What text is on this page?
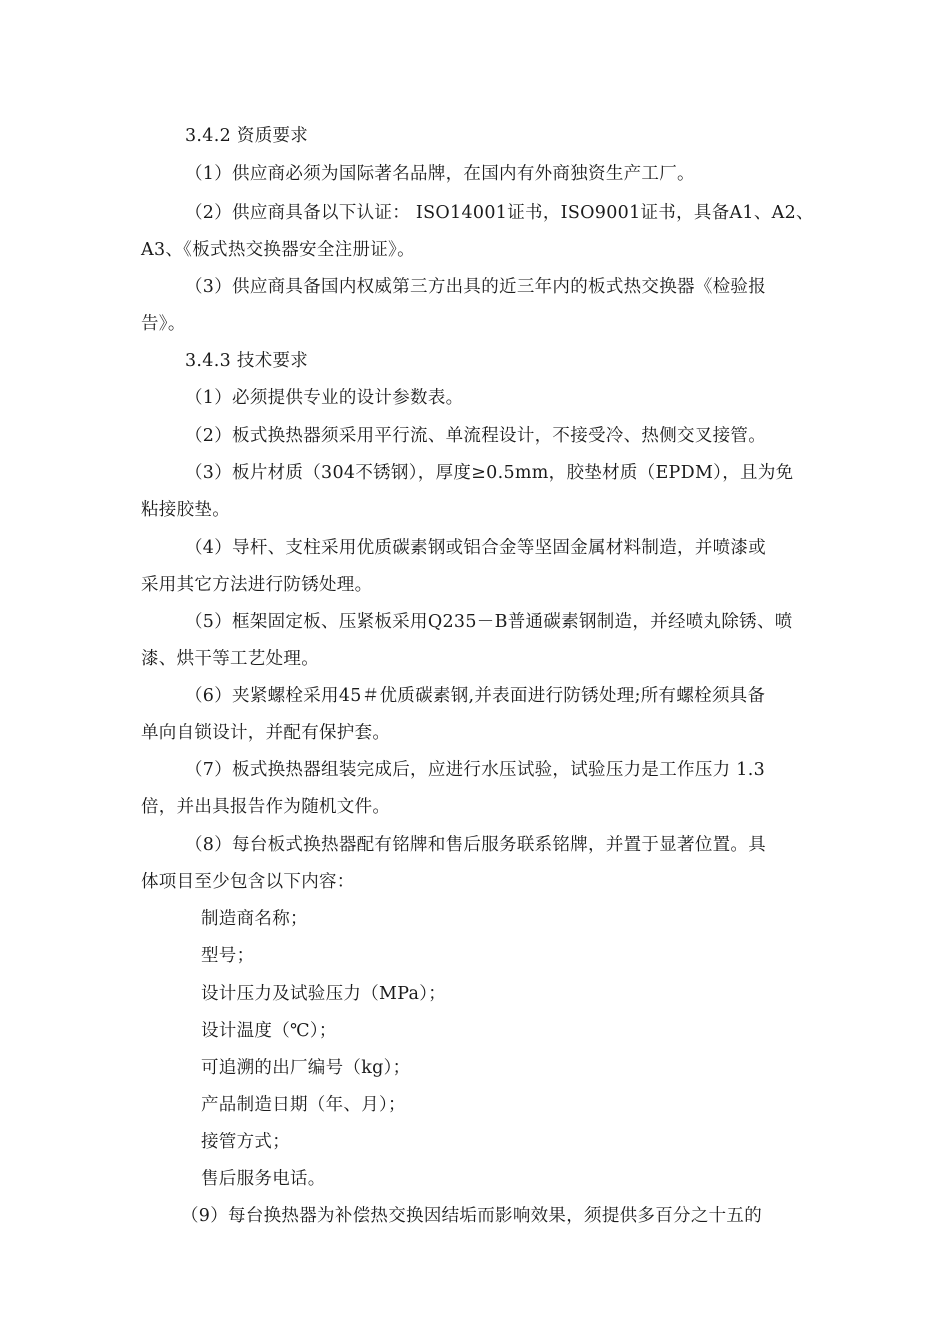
3.4.2 资质要求
（1）供应商必须为国际著名品牌，在国内有外商独资生产工厂。
（2）供应商具备以下认证： ISO14001证书，ISO9001证书，具备A1、A2、
A3、《板式热交换器安全注册证》。
（3）供应商具备国内权威第三方出具的近三年内的板式热交换器《检验报
告》。
3.4.3 技术要求
（1）必须提供专业的设计参数表。
（2）板式换热器须采用平行流、单流程设计，不接受冷、热侧交叉接管。
（3）板片材质（304不锈钢），厚度≥0.5mm，胶垫材质（EPDM），且为免
粘接胶垫。
（4）导杆、支柱采用优质碳素钢或铝合金等坚固金属材料制造，并喷漆或
采用其它方法进行防锈处理。
（5）框架固定板、压紧板采用Q235－B普通碳素钢制造，并经喷丸除锈、喷
漆、烘干等工艺处理。
（6）夹紧螺栓采用45＃优质碳素钢,并表面进行防锈处理;所有螺栓须具备
单向自锁设计，并配有保护套。
（7）板式换热器组装完成后，应进行水压试验，试验压力是工作压力 1.3
倍，并出具报告作为随机文件。
（8）每台板式换热器配有铭牌和售后服务联系铭牌，并置于显著位置。具
体项目至少包含以下内容：
制造商名称；
型号；
设计压力及试验压力（MPa）；
设计温度（℃）；
可追溯的出厂编号（kg）；
产品制造日期（年、月）；
接管方式；
售后服务电话。
（9）每台换热器为补偿热交换因结垢而影响效果，须提供多百分之十五的
